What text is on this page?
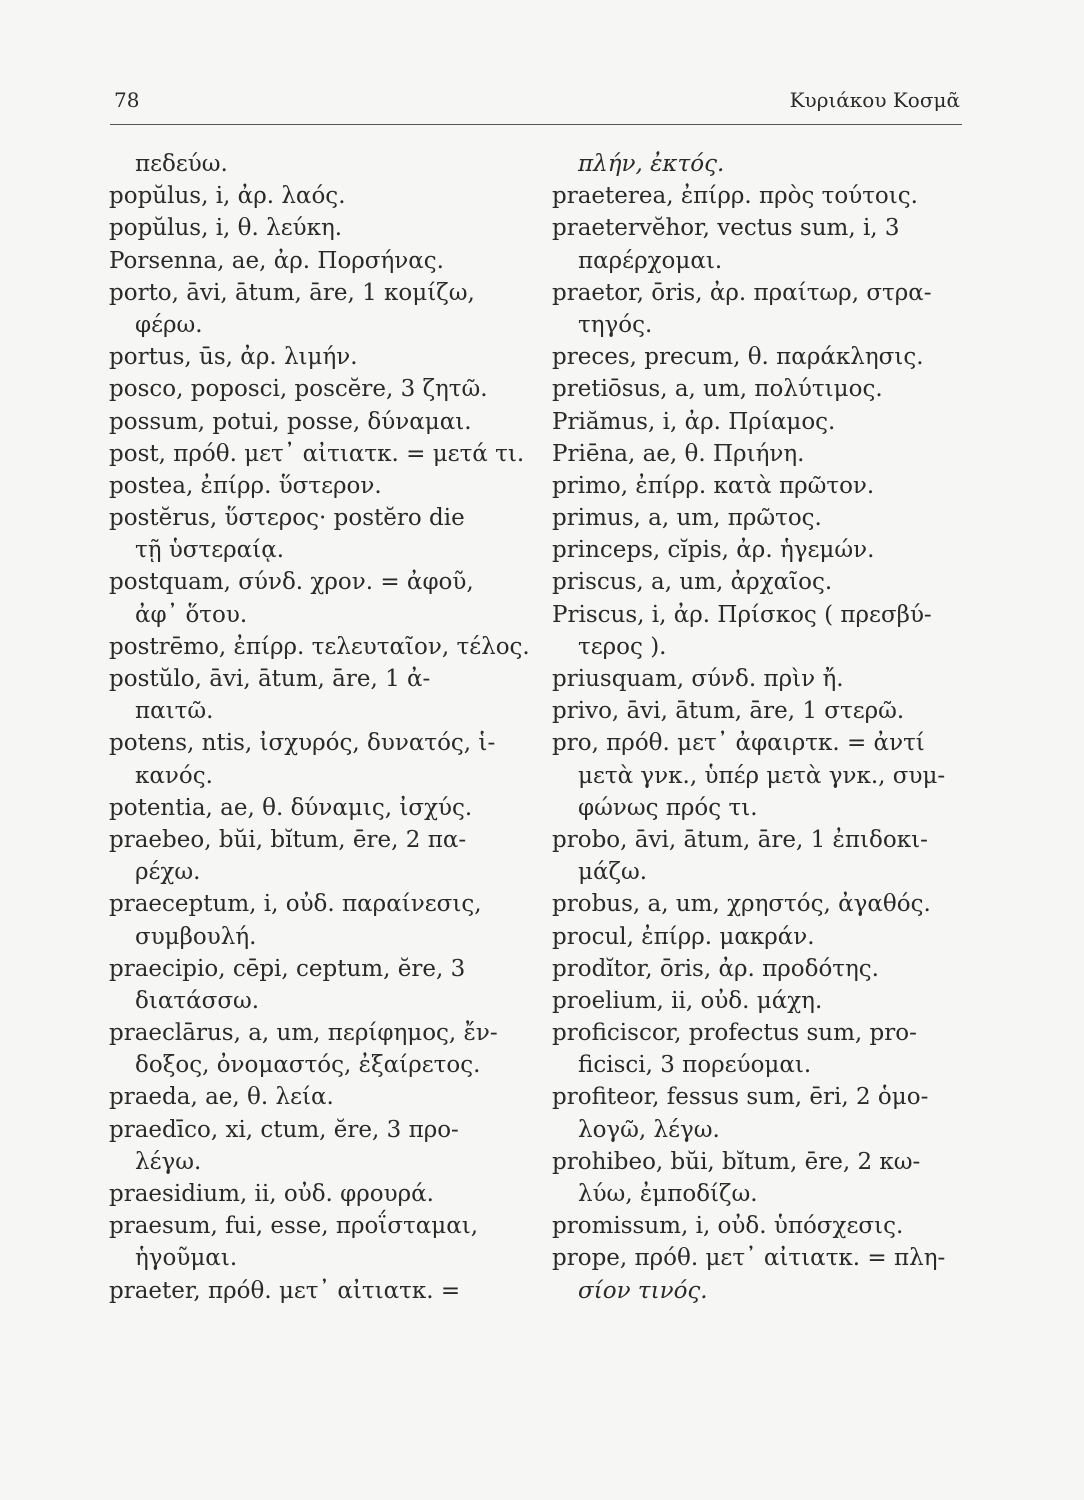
78	Κυριάκου Κοσμᾶ
πεδεύω.
popŭlus, i, ἀρ. λαός.
popŭlus, i, θ. λεύκη.
Porsenna, ae, ἀρ. Πορσήνας.
porto, āvi, ātum, āre, 1 κομίζω,
φέρω.
portus, ūs, ἀρ. λιμήν.
posco, poposci, poscĕre, 3 ζητῶ.
possum, potui, posse, δύναμαι.
post, πρόθ. μετ᾽ αἰτιατκ. = μετά τι.
postea, ἐπίρρ. ὕστερον.
postĕrus, ὕστερος· postĕro die
τῇ ὑστεραίᾳ.
postquam, σύνδ. χρον. = ἀφοῦ,
ἀφ᾽ ὅτου.
postrēmo, ἐπίρρ. τελευταῖον, τέλος.
postŭlo, āvi, ātum, āre, 1 ἀ-
παιτῶ.
potens, ntis, ἰσχυρός, δυνατός, ἱ-
κανός.
potentia, ae, θ. δύναμις, ἰσχύς.
praebeo, bŭi, bĭtum, ēre, 2 πα-
ρέχω.
praeceptum, i, οὐδ. παραίνεσις,
συμβουλή.
praecipio, cēpi, ceptum, ĕre, 3
διατάσσω.
praeclārus, a, um, περίφημος, ἔν-
δοξος, ὀνομαστός, ἐξαίρετος.
praeda, ae, θ. λεία.
praedīco, xi, ctum, ĕre, 3 προ-
λέγω.
praesidium, ii, οὐδ. φρουρά.
praesum, fui, esse, προΐσταμαι,
ἡγοῦμαι.
praeter, πρόθ. μετ᾽ αἰτιατκ. =
πλήν, ἐκτός.
praeterea, ἐπίρρ. πρὸς τούτοις.
praetervĕhor, vectus sum, i, 3
παρέρχομαι.
praetor, ōris, ἀρ. πραίτωρ, στρα-
τηγός.
preces, precum, θ. παράκλησις.
pretiōsus, a, um, πολύτιμος.
Priămus, i, ἀρ. Πρίαμος.
Priēna, ae, θ. Πριήνη.
primo, ἐπίρρ. κατὰ πρῶτον.
primus, a, um, πρῶτος.
princeps, cĭpis, ἀρ. ἡγεμών.
priscus, a, um, ἀρχαῖος.
Priscus, i, ἀρ. Πρίσκος ( πρεσβύ-
τερος ).
priusquam, σύνδ. πρὶν ἤ.
privo, āvi, ātum, āre, 1 στερῶ.
pro, πρόθ. μετ᾽ ἀφαιρτκ. = ἀντί
μετὰ γνκ., ὑπέρ μετὰ γνκ., συμ-
φώνως πρός τι.
probo, āvi, ātum, āre, 1 ἐπιδοκι-
μάζω.
probus, a, um, χρηστός, ἀγαθός.
procul, ἐπίρρ. μακράν.
prodĭtor, ōris, ἀρ. προδότης.
proelium, ii, οὐδ. μάχη.
proficiscor, profectus sum, pro-
ficisci, 3 πορεύομαι.
profiteor, fessus sum, ēri, 2 ὁμο-
λογῶ, λέγω.
prohibeo, bŭi, bĭtum, ēre, 2 κω-
λύω, ἐμποδίζω.
promissum, i, οὐδ. ὑπόσχεσις.
prope, πρόθ. μετ᾽ αἰτιατκ. = πλη-
σίον τινός.
